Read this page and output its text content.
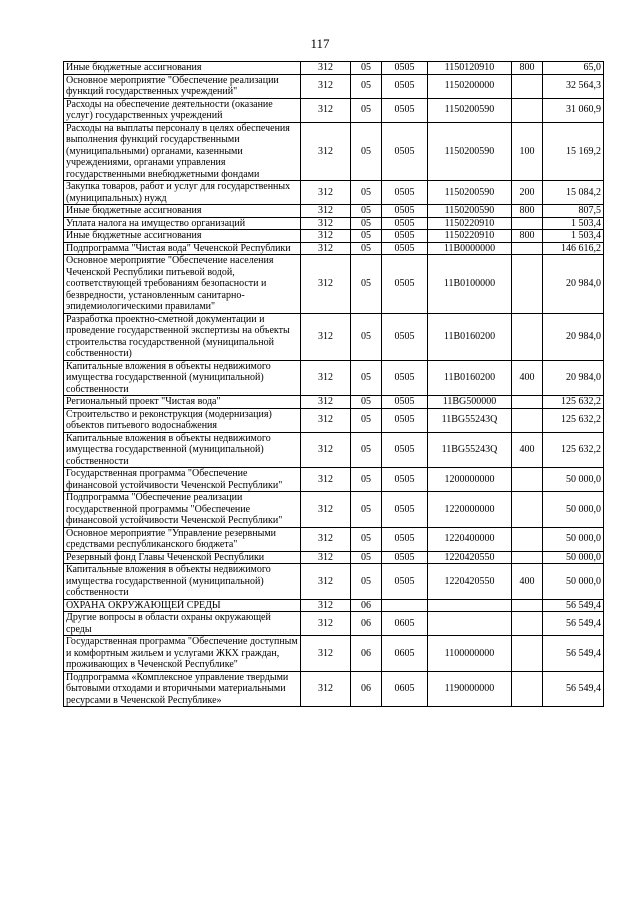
117
Иные бюджетные ассигнования	312	05	0505	1150120910	800	65,0
Основное мероприятие "Обеспечение реализации функций государственных учреждений"	312	05	0505	1150200000		32 564,3
Расходы на обеспечение деятельности (оказание услуг) государственных учреждений	312	05	0505	1150200590		31 060,9
Расходы на выплаты персоналу в целях обеспечения выполнения функций государственными (муниципальными) органами, казенными учреждениями, органами управления государственными внебюджетными фондами	312	05	0505	1150200590	100	15 169,2
Закупка товаров, работ и услуг для государственных (муниципальных) нужд	312	05	0505	1150200590	200	15 084,2
Иные бюджетные ассигнования	312	05	0505	1150200590	800	807,5
Уплата налога на имущество организаций	312	05	0505	1150220910		1 503,4
Иные бюджетные ассигнования	312	05	0505	1150220910	800	1 503,4
Подпрограмма "Чистая вода" Чеченской Республики	312	05	0505	11В0000000		146 616,2
Основное мероприятие "Обеспечение населения Чеченской Республики питьевой водой, соответствующей требованиям безопасности и безвредности, установленным санитарно-эпидемиологическими правилами"	312	05	0505	11В0100000		20 984,0
Разработка проектно-сметной документации и проведение государственной экспертизы на объекты строительства государственной (муниципальной собственности)	312	05	0505	11В0160200		20 984,0
Капитальные вложения в объекты недвижимого имущества государственной (муниципальной) собственности	312	05	0505	11В0160200	400	20 984,0
Региональный проект "Чистая вода"	312	05	0505	11ВG500000		125 632,2
Строительство и реконструкция (модернизация) объектов питьевого водоснабжения	312	05	0505	11ВG55243Q		125 632,2
Капитальные вложения в объекты недвижимого имущества государственной (муниципальной) собственности	312	05	0505	11ВG55243Q	400	125 632,2
Государственная программа "Обеспечение финансовой устойчивости Чеченской Республики"	312	05	0505	1200000000		50 000,0
Подпрограмма "Обеспечение реализации государственной программы "Обеспечение финансовой устойчивости Чеченской Республики"	312	05	0505	1220000000		50 000,0
Основное мероприятие "Управление резервными средствами республиканского бюджета"	312	05	0505	1220400000		50 000,0
Резервный фонд Главы Чеченской Республики	312	05	0505	1220420550		50 000,0
Капитальные вложения в объекты недвижимого имущества государственной (муниципальной) собственности	312	05	0505	1220420550	400	50 000,0
ОХРАНА ОКРУЖАЮЩЕЙ СРЕДЫ	312	06				56 549,4
Другие вопросы в области охраны окружающей среды	312	06	0605			56 549,4
Государственная программа "Обеспечение доступным и комфортным жильем и услугами ЖКХ граждан, проживающих в Чеченской Республике"	312	06	0605	1100000000		56 549,4
Подпрограмма «Комплексное управление твердыми бытовыми отходами и вторичными материальными ресурсами в Чеченской Республике»	312	06	0605	1190000000		56 549,4
